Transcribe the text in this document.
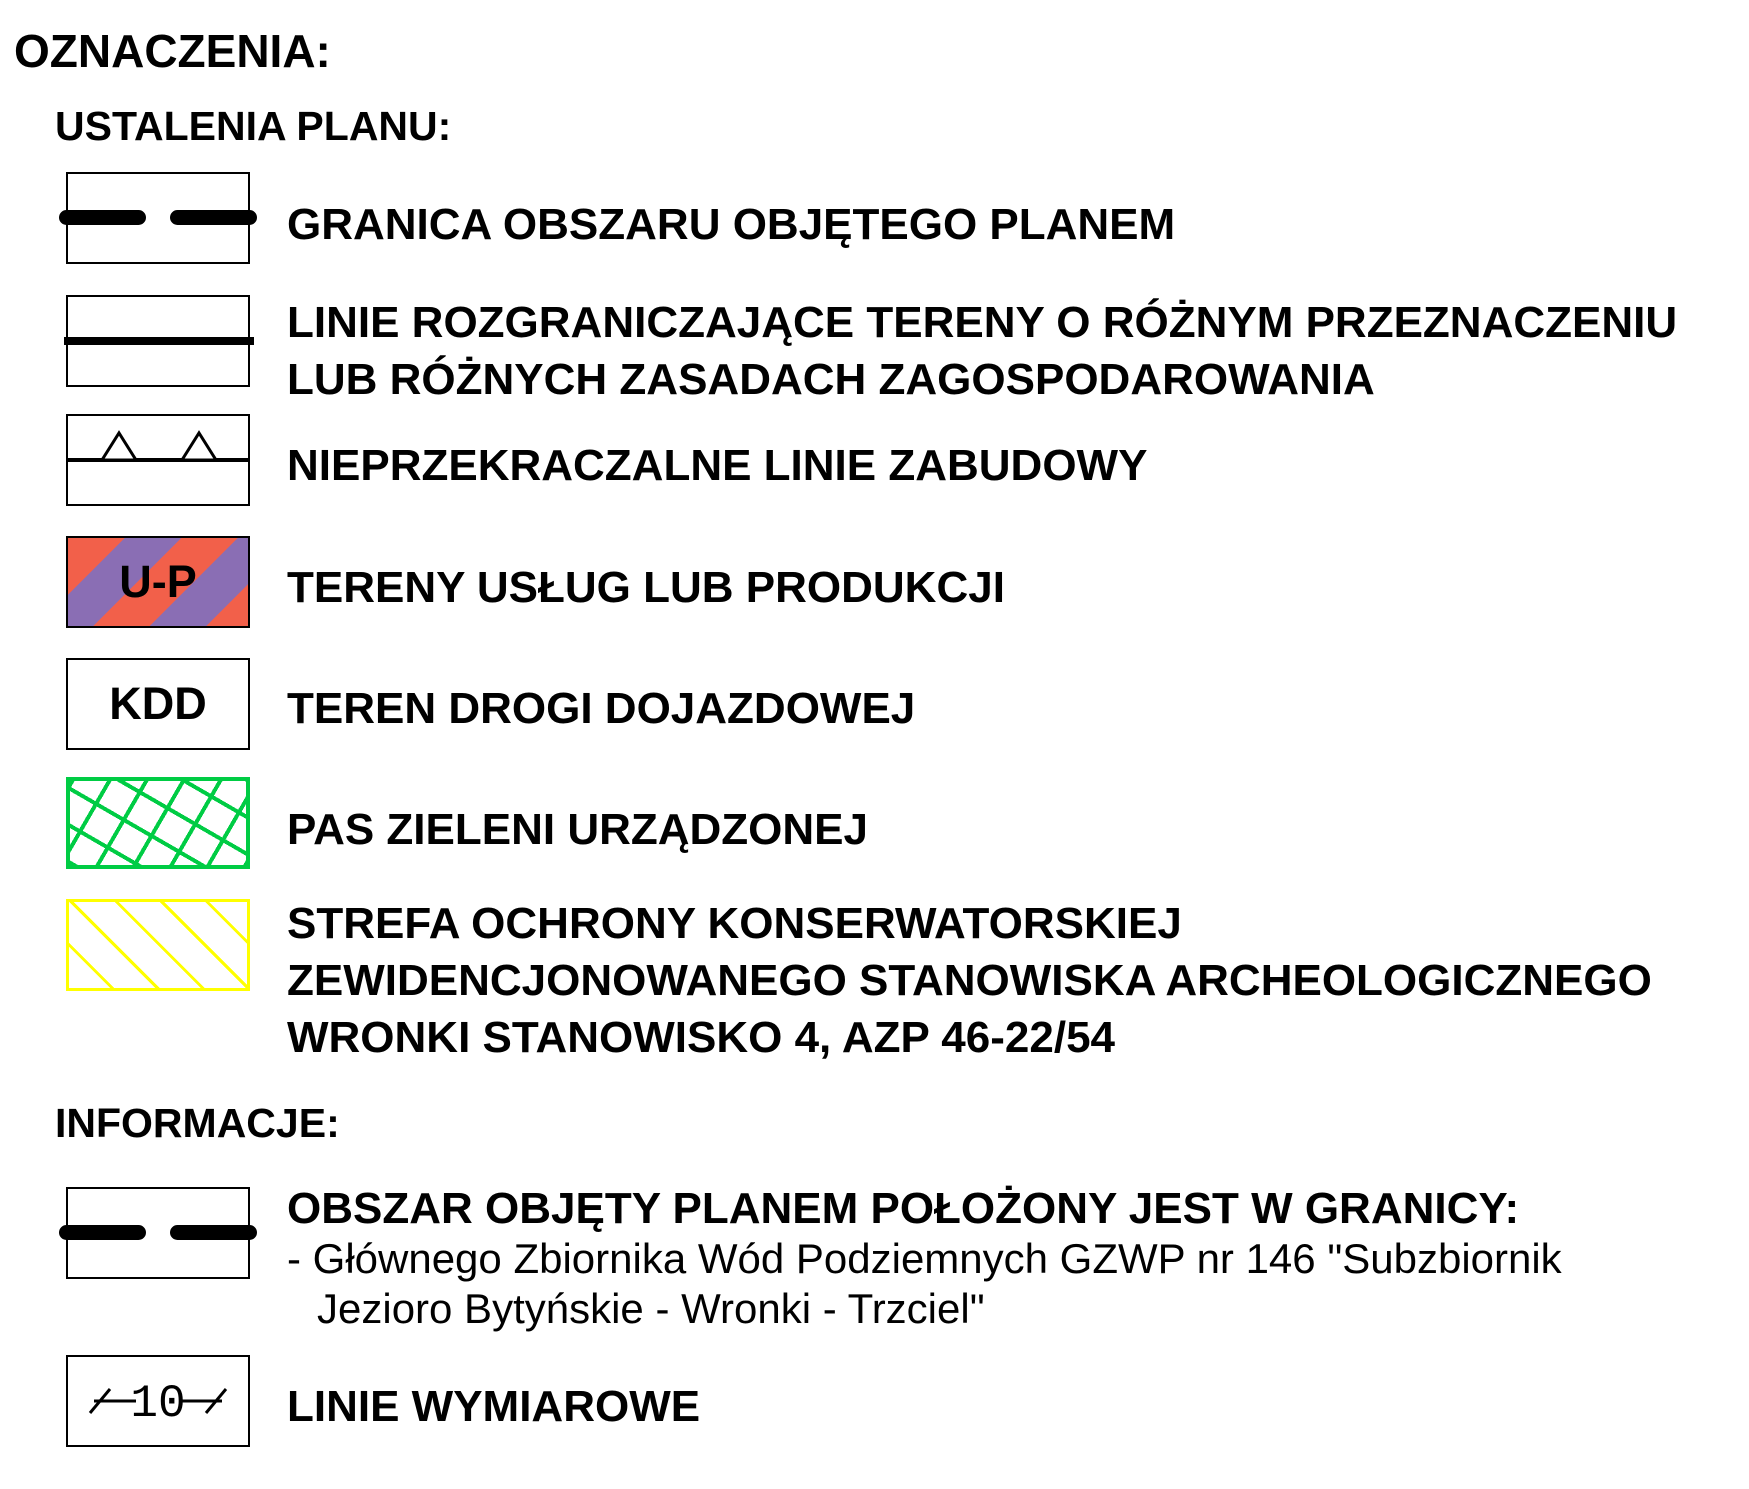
OZNACZENIA:
USTALENIA PLANU:
GRANICA OBSZARU OBJĘTEGO PLANEM
LINIE ROZGRANICZAJĄCE TERENY O RÓŻNYM PRZEZNACZENIU
LUB RÓŻNYCH ZASADACH ZAGOSPODAROWANIA
NIEPRZEKRACZALNE LINIE ZABUDOWY
U-P TERENY USŁUG LUB PRODUKCJI
KDD TEREN DROGI DOJAZDOWEJ
PAS ZIELENI URZĄDZONEJ
STREFA OCHRONY KONSERWATORSKIEJ
ZEWIDENCJONOWANEGO STANOWISKA ARCHEOLOGICZNEGO
WRONKI STANOWISKO 4, AZP 46-22/54
INFORMACJE:
OBSZAR OBJĘTY PLANEM POŁOŻONY JEST W GRANICY:
- Głównego Zbiornika Wód Podziemnych GZWP nr 146 "Subzbiornik
Jezioro Bytyńskie - Wronki - Trzciel"
10 LINIE WYMIAROWE
